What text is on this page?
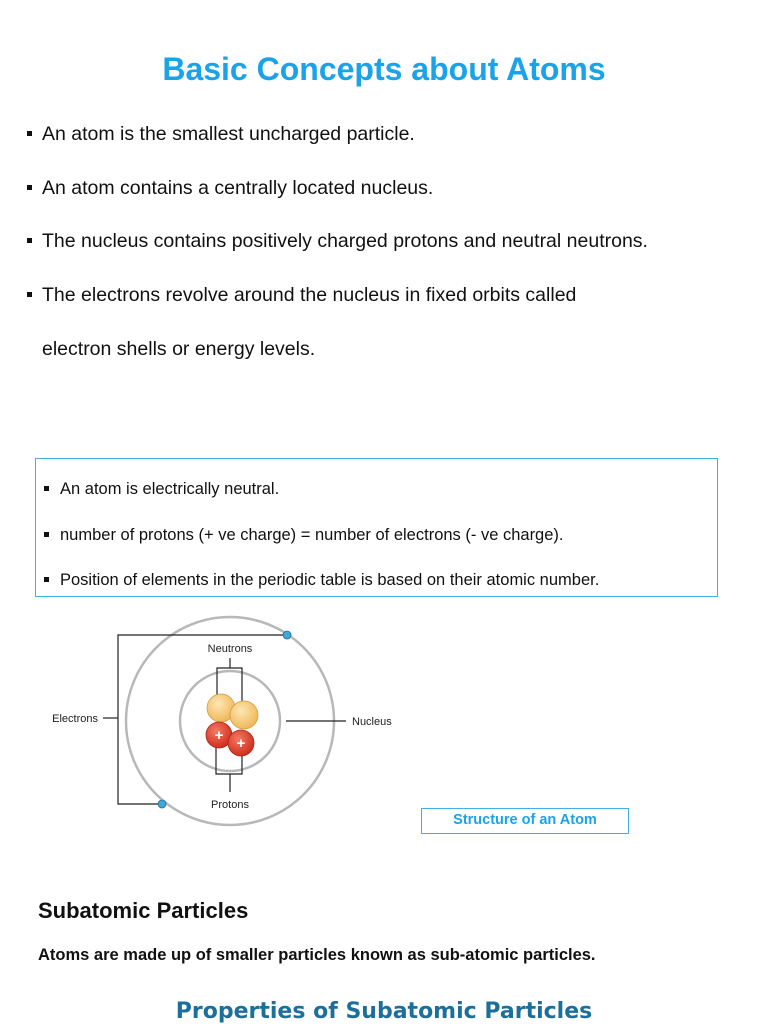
Basic Concepts about Atoms
An atom is the smallest uncharged particle.
An atom contains a centrally located nucleus.
The nucleus contains positively charged protons and neutral neutrons.
The electrons revolve around the nucleus in fixed orbits called
electron shells or energy levels.
An atom is electrically neutral.
number of protons (+ ve charge) = number of electrons (- ve charge).
Position of elements in the periodic table is based on their atomic number.
+ +
Neutrons
Electrons	Nucleus
Protons
Structure of an Atom
Subatomic Particles

Atoms are made up of smaller particles known as sub-atomic particles.

Properties of Subatomic Particles
